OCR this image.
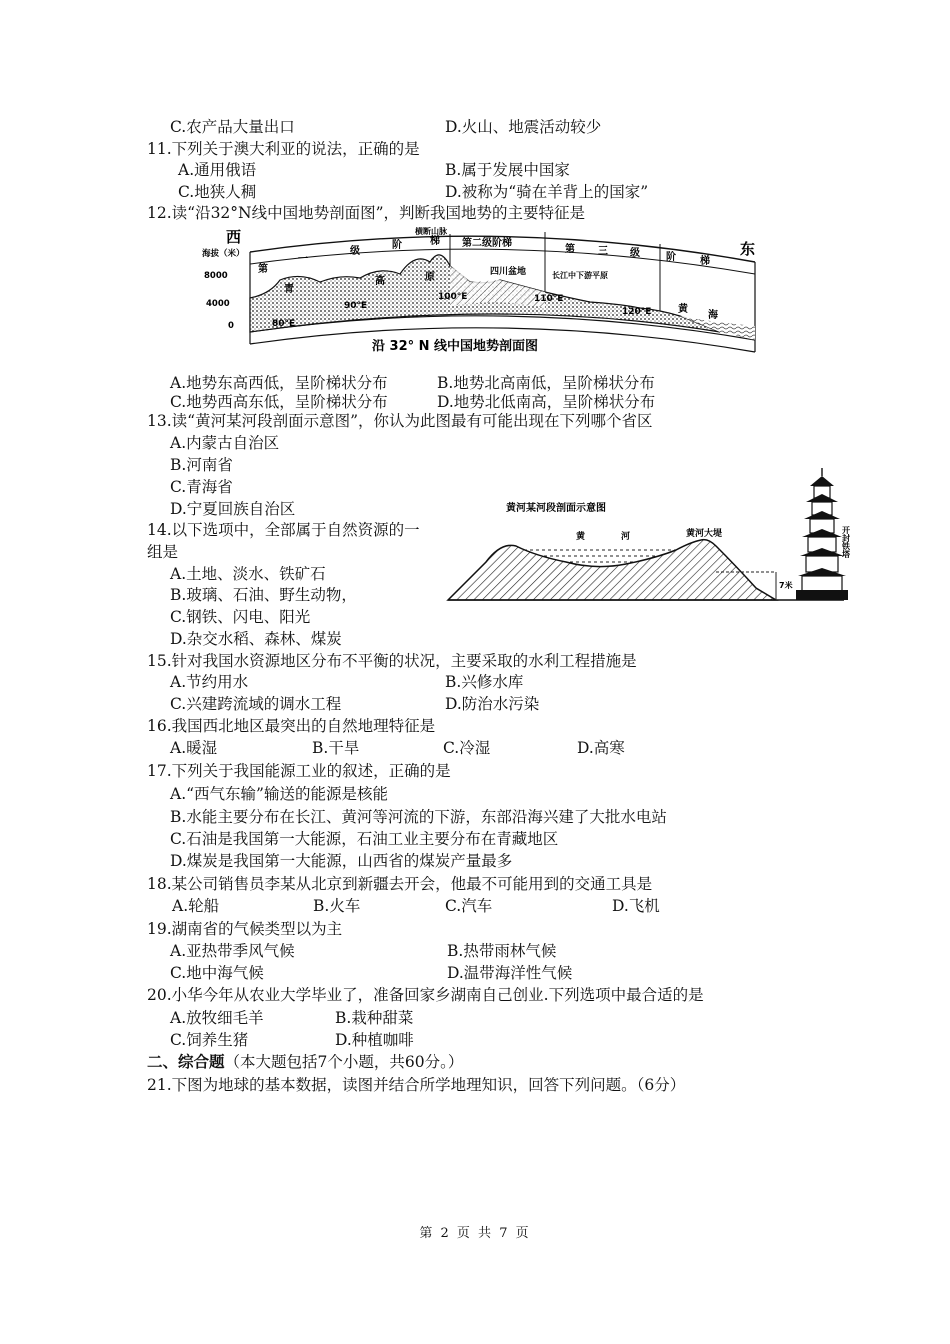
C.农产品大量出口	D.火山、地震活动较少
11.下列关于澳大利亚的说法，正确的是
A.通用俄语	B.属于发展中国家
C.地狭人稠	D.被称为“骑在羊背上的国家”
12.读“沿32°N线中国地势剖面图”，判断我国地势的主要特征是
海拔（米）
8000
4000
0
西
东
横断山脉
第
一
级
阶	梯 第二级阶梯
第 三 级	阶 梯
青
高	原	四川盆地	长江中下游平原
黄
海
80°E
90°E
100°E	110°E
120°E
沿 32° N 线中国地势剖面图
A.地势东高西低，呈阶梯状分布	B.地势北高南低，呈阶梯状分布
C.地势西高东低，呈阶梯状分布	D.地势北低南高，呈阶梯状分布
13.读“黄河某河段剖面示意图”，你认为此图最有可能出现在下列哪个省区
A.内蒙古自治区
B.河南省
C.青海省
D.宁夏回族自治区	黄河某河段剖面示意图
黄	河	黄河大堤
7米
开封铁塔
14.以下选项中，全部属于自然资源的一
组是
A.土地、淡水、铁矿石
B.玻璃、石油、野生动物，
C.钢铁、闪电、阳光
D.杂交水稻、森林、煤炭
15.针对我国水资源地区分布不平衡的状况，主要采取的水利工程措施是
A.节约用水	B.兴修水库
C.兴建跨流域的调水工程	D.防治水污染
16.我国西北地区最突出的自然地理特征是
A.暖湿	B.干旱	C.冷湿	D.高寒
17.下列关于我国能源工业的叙述，正确的是
A.“西气东输”输送的能源是核能
B.水能主要分布在长江、黄河等河流的下游，东部沿海兴建了大批水电站
C.石油是我国第一大能源，石油工业主要分布在青藏地区
D.煤炭是我国第一大能源，山西省的煤炭产量最多
18.某公司销售员李某从北京到新疆去开会，他最不可能用到的交通工具是
A.轮船	B.火车	C.汽车	D.飞机
19.湖南省的气候类型以为主
A.亚热带季风气候	B.热带雨林气候
C.地中海气候	D.温带海洋性气候
20.小华今年从农业大学毕业了，准备回家乡湖南自己创业.下列选项中最合适的是
A.放牧细毛羊	B.栽种甜菜
C.饲养生猪	D.种植咖啡
二、综合题（本大题包括7个小题，共60分。）
21.下图为地球的基本数据，读图并结合所学地理知识，回答下列问题。（6分）
第 2 页 共 7 页
